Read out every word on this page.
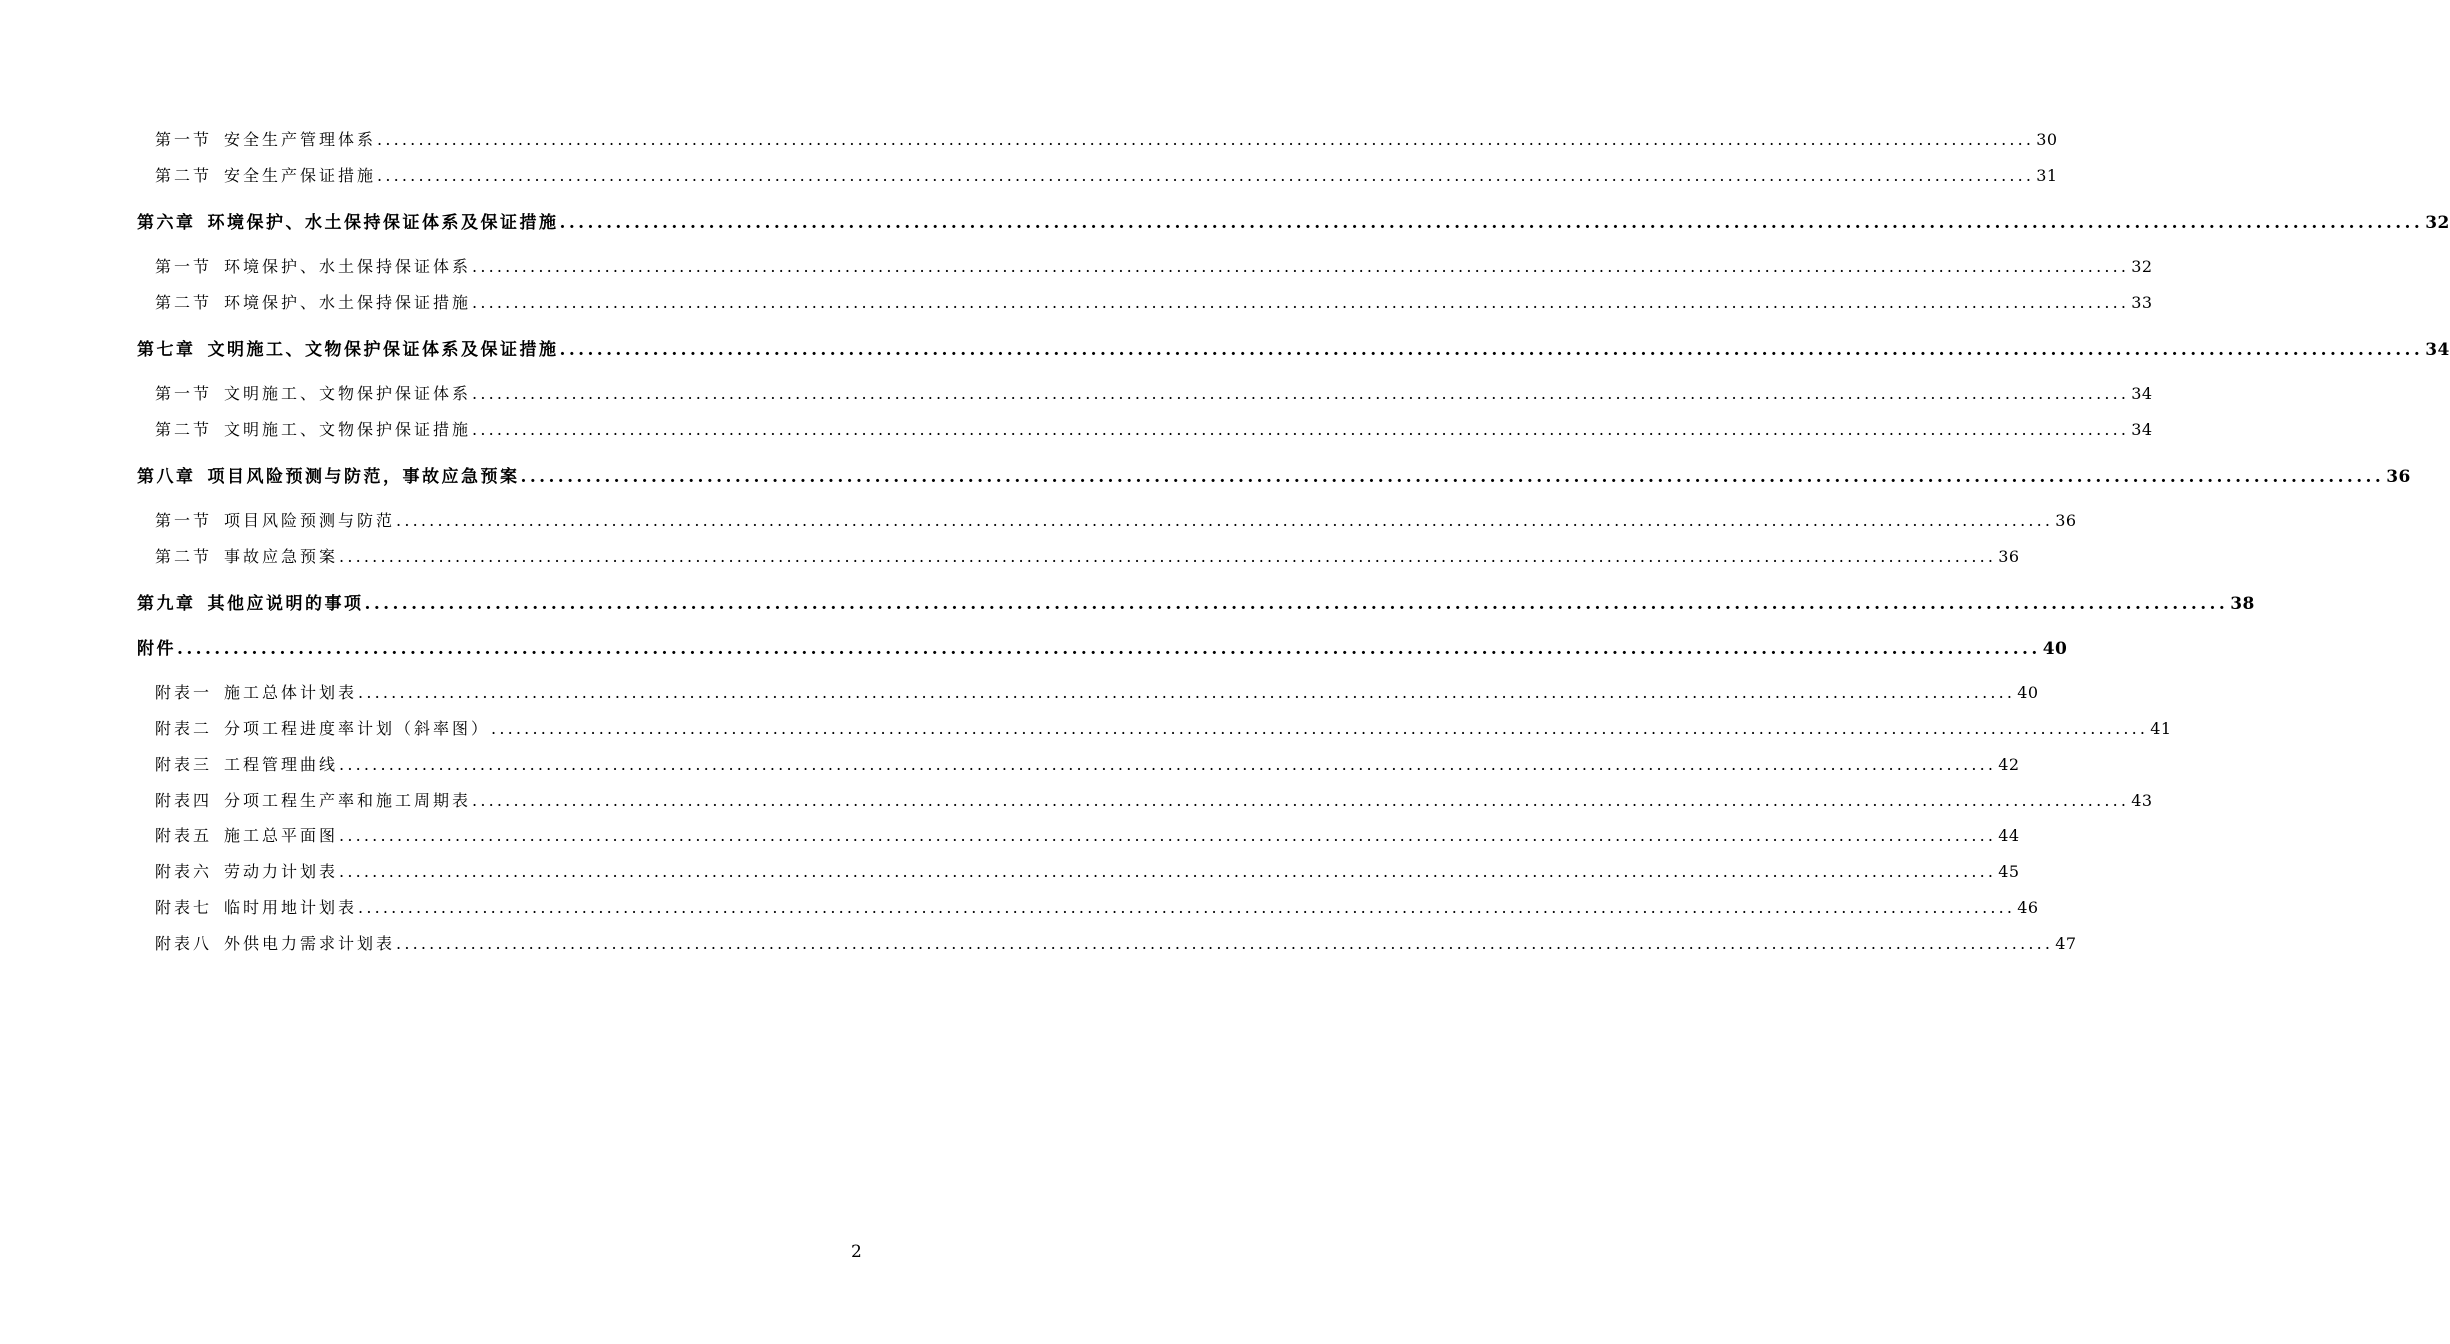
第一节 安全生产管理体系 ........................................................................................................................................................................................................ 30
第二节 安全生产保证措施 ........................................................................................................................................................................................................ 31
第六章 环境保护、水土保持保证体系及保证措施 ........................................................................................................................................................................................................ 32
第一节 环境保护、水土保持保证体系 ........................................................................................................................................................................................................ 32
第二节 环境保护、水土保持保证措施 ........................................................................................................................................................................................................ 33
第七章 文明施工、文物保护保证体系及保证措施 ........................................................................................................................................................................................................ 34
第一节 文明施工、文物保护保证体系 ........................................................................................................................................................................................................ 34
第二节 文明施工、文物保护保证措施 ........................................................................................................................................................................................................ 34
第八章 项目风险预测与防范，事故应急预案 ........................................................................................................................................................................................................ 36
第一节 项目风险预测与防范 ........................................................................................................................................................................................................ 36
第二节 事故应急预案 ........................................................................................................................................................................................................ 36
第九章 其他应说明的事项 ........................................................................................................................................................................................................ 38
附件 ........................................................................................................................................................................................................ 40
附表一 施工总体计划表 ........................................................................................................................................................................................................ 40
附表二 分项工程进度率计划（斜率图） ........................................................................................................................................................................................................ 41
附表三 工程管理曲线 ........................................................................................................................................................................................................ 42
附表四 分项工程生产率和施工周期表 ........................................................................................................................................................................................................ 43
附表五 施工总平面图 ........................................................................................................................................................................................................ 44
附表六 劳动力计划表 ........................................................................................................................................................................................................ 45
附表七 临时用地计划表 ........................................................................................................................................................................................................ 46
附表八 外供电力需求计划表 ........................................................................................................................................................................................................ 47
2
